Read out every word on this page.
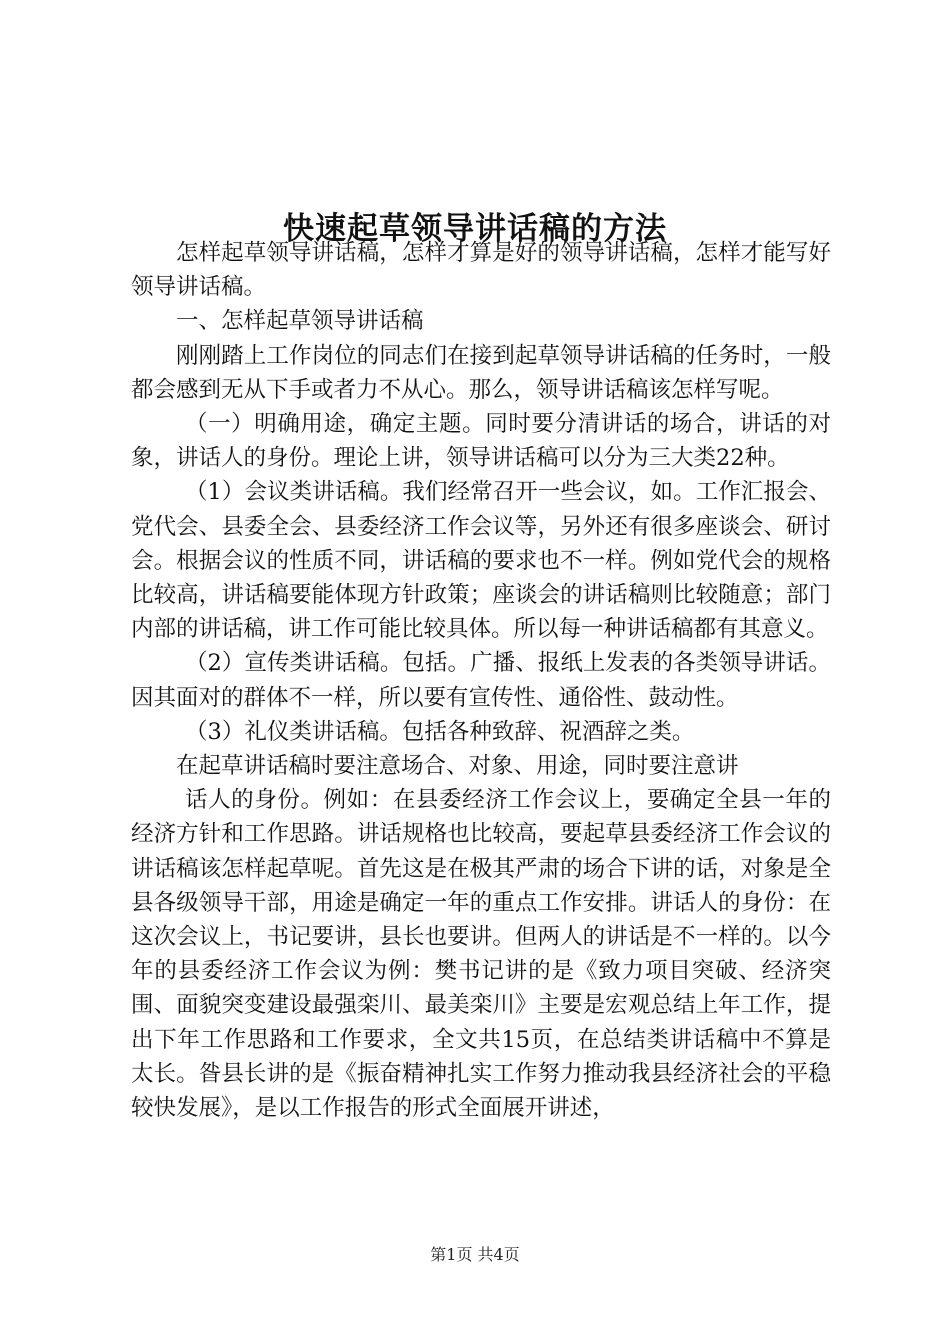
快速起草领导讲话稿的方法

怎样起草领导讲话稿，怎样才算是好的领导讲话稿，怎样才能写好领导讲话稿。

一、怎样起草领导讲话稿

刚刚踏上工作岗位的同志们在接到起草领导讲话稿的任务时，一般都会感到无从下手或者力不从心。那么，领导讲话稿该怎样写呢。

（一）明确用途，确定主题。同时要分清讲话的场合，讲话的对象，讲话人的身份。理论上讲，领导讲话稿可以分为三大类22种。

（1）会议类讲话稿。我们经常召开一些会议，如。工作汇报会、党代会、县委全会、县委经济工作会议等，另外还有很多座谈会、研讨会。根据会议的性质不同，讲话稿的要求也不一样。例如党代会的规格比较高，讲话稿要能体现方针政策；座谈会的讲话稿则比较随意；部门内部的讲话稿，讲工作可能比较具体。所以每一种讲话稿都有其意义。

（2）宣传类讲话稿。包括。广播、报纸上发表的各类领导讲话。因其面对的群体不一样，所以要有宣传性、通俗性、鼓动性。

（3）礼仪类讲话稿。包括各种致辞、祝酒辞之类。

在起草讲话稿时要注意场合、对象、用途，同时要注意讲

话人的身份。例如：在县委经济工作会议上，要确定全县一年的经济方针和工作思路。讲话规格也比较高，要起草县委经济工作会议的讲话稿该怎样起草呢。首先这是在极其严肃的场合下讲的话，对象是全县各级领导干部，用途是确定一年的重点工作安排。讲话人的身份：在这次会议上，书记要讲，县长也要讲。但两人的讲话是不一样的。以今年的县委经济工作会议为例：樊书记讲的是《致力项目突破、经济突围、面貌突变建设最强栾川、最美栾川》主要是宏观总结上年工作，提出下年工作思路和工作要求，全文共15页，在总结类讲话稿中不算是太长。昝县长讲的是《振奋精神扎实工作努力推动我县经济社会的平稳较快发展》，是以工作报告的形式全面展开讲述，

第1页 共4页
